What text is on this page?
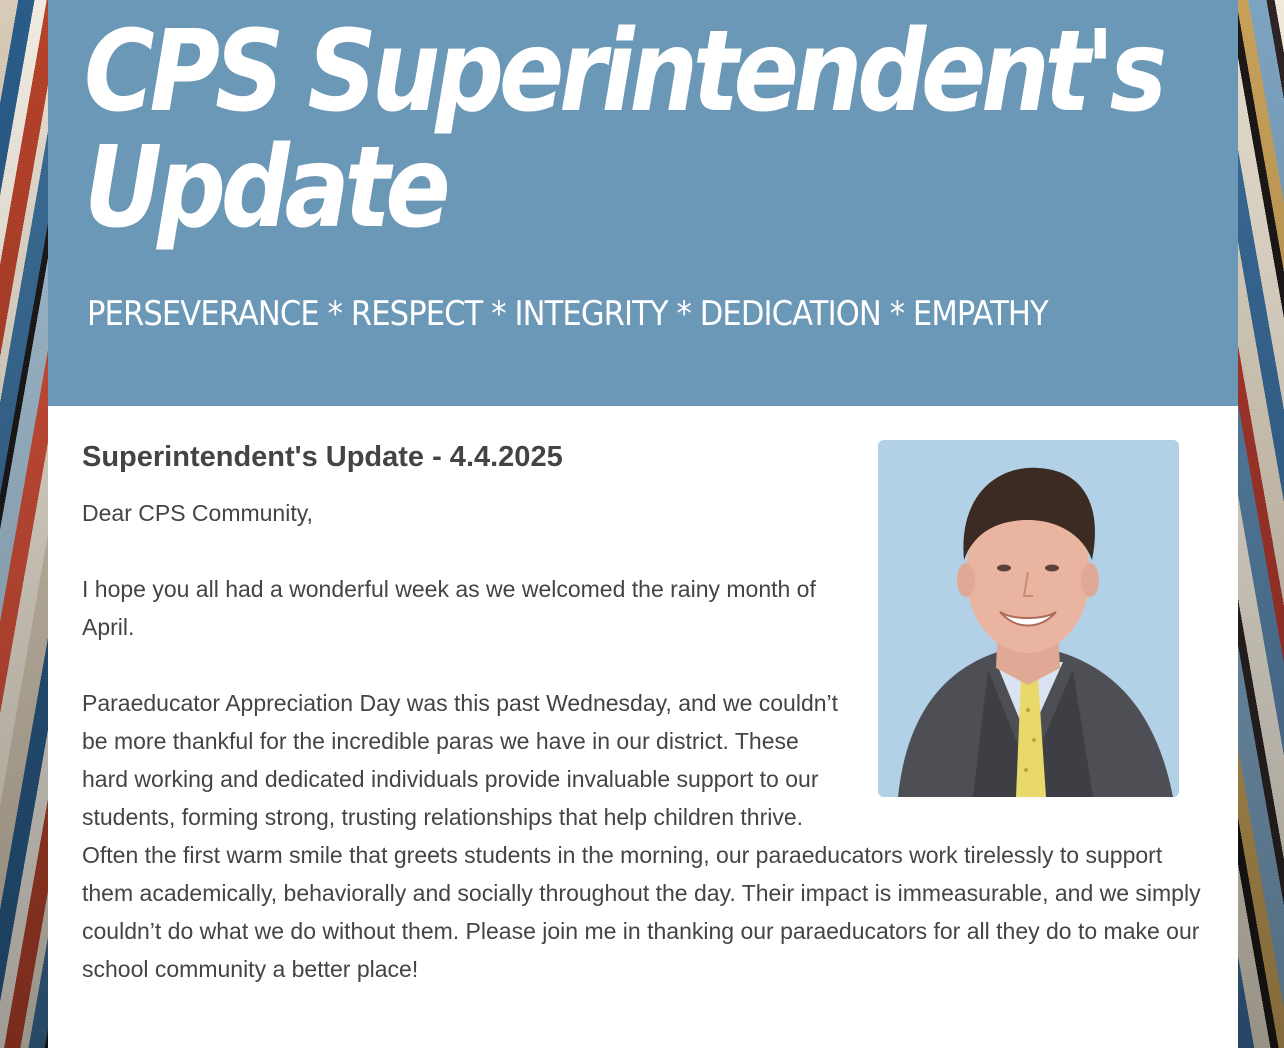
CPS Superintendent's
Update
PERSEVERANCE * RESPECT * INTEGRITY * DEDICATION * EMPATHY
Superintendent's Update - 4.4.2025

Dear CPS Community,

I hope you all had a wonderful week as we welcomed the rainy month of April.

Paraeducator Appreciation Day was this past Wednesday, and we couldn’t be more thankful for the incredible paras we have in our district. These hard working and dedicated individuals provide invaluable support to our students, forming strong, trusting relationships that help children thrive. Often the first warm smile that greets students in the morning, our paraeducators work tirelessly to support them academically, behaviorally and socially throughout the day. Their impact is immeasurable, and we simply couldn’t do what we do without them. Please join me in thanking our paraeducators for all they do to make our school community a better place!
